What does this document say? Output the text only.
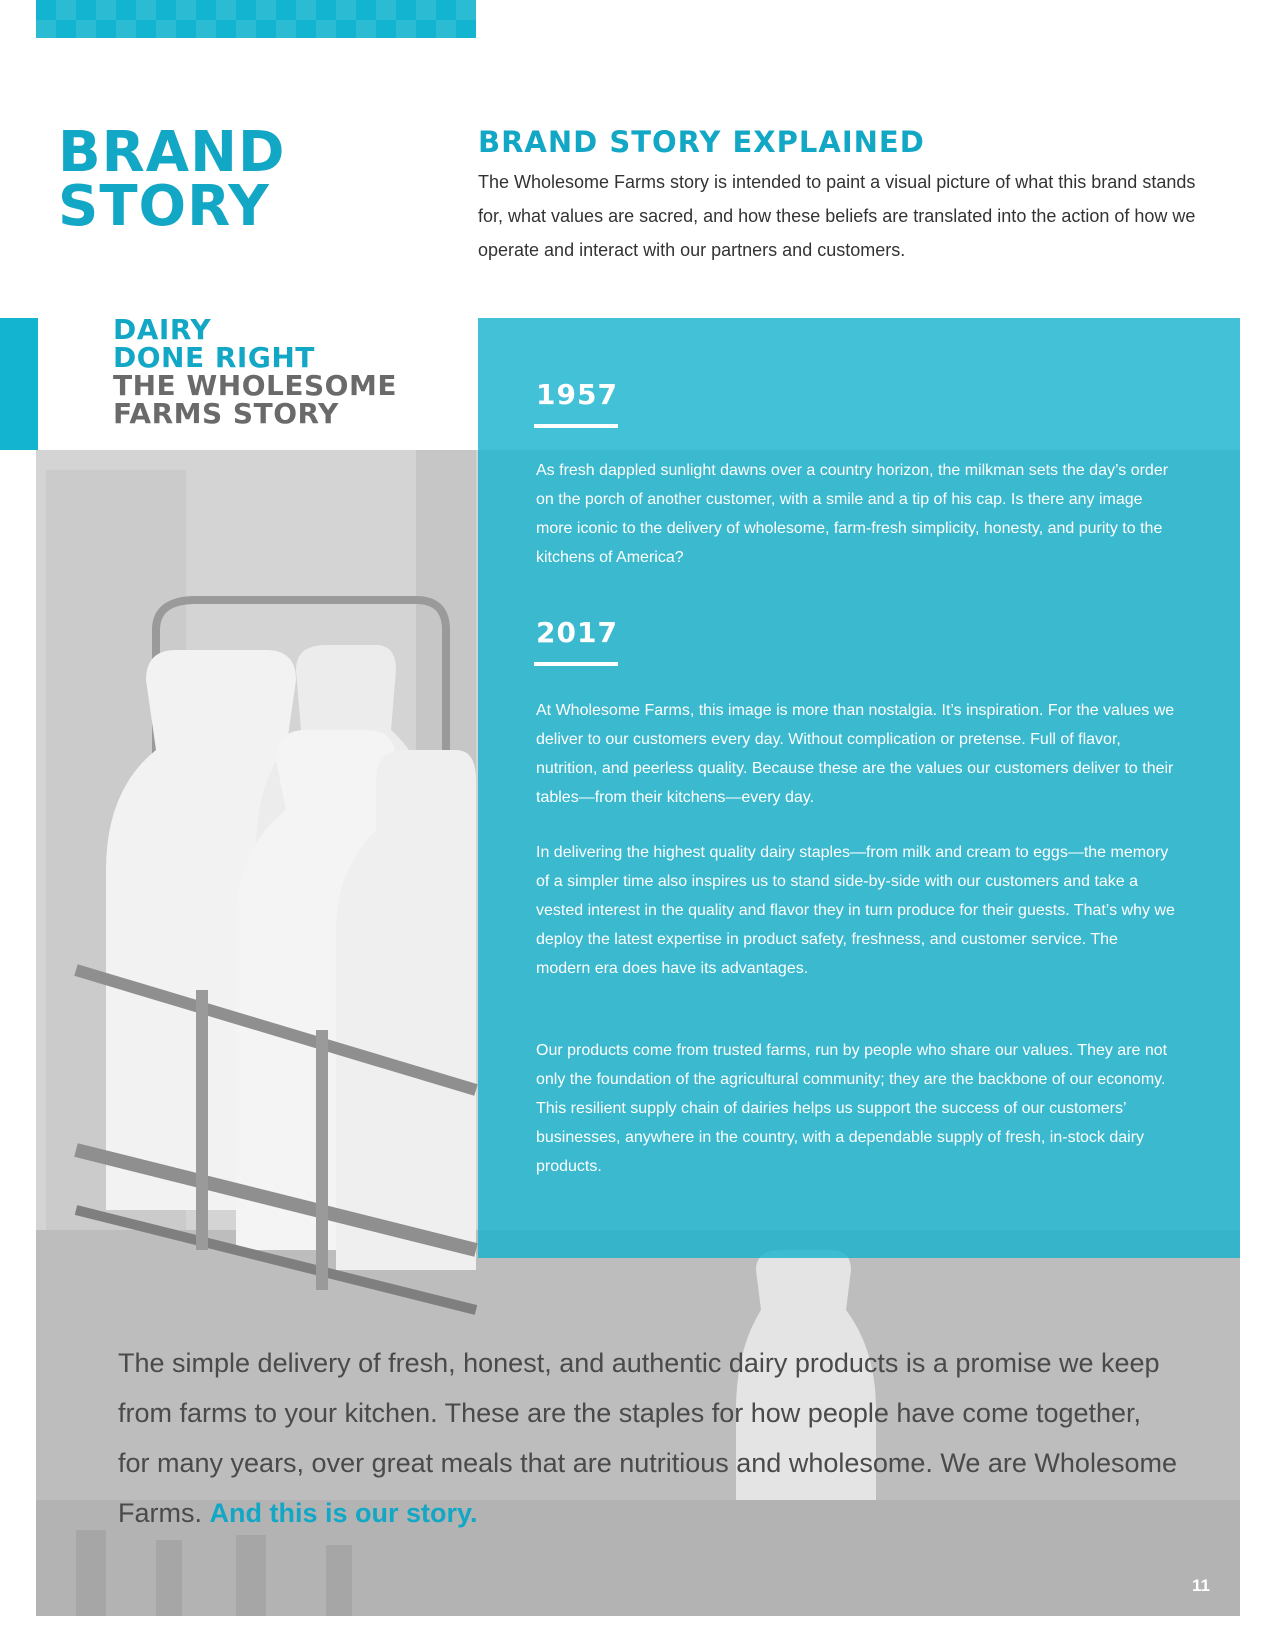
BRAND
STORY
BRAND STORY EXPLAINED

The Wholesome Farms story is intended to paint a visual picture of what this brand stands for, what values are sacred, and how these beliefs are translated into the action of how we operate and interact with our partners and customers.

DAIRY
DONE RIGHT
THE WHOLESOME
FARMS STORY
1957

As fresh dappled sunlight dawns over a country horizon, the milkman sets the day’s order on the porch of another customer, with a smile and a tip of his cap. Is there any image more iconic to the delivery of wholesome, farm-fresh simplicity, honesty, and purity to the kitchens of America?

2017

At Wholesome Farms, this image is more than nostalgia. It’s inspiration. For the values we deliver to our customers every day. Without complication or pretense. Full of flavor, nutrition, and peerless quality. Because these are the values our customers deliver to their tables—from their kitchens—every day.

In delivering the highest quality dairy staples—from milk and cream to eggs—the memory of a simpler time also inspires us to stand side-by-side with our customers and take a vested interest in the quality and flavor they in turn produce for their guests. That’s why we deploy the latest expertise in product safety, freshness, and customer service. The modern era does have its advantages.

Our products come from trusted farms, run by people who share our values. They are not only the foundation of the agricultural community; they are the backbone of our economy. This resilient supply chain of dairies helps us support the success of our customers’ businesses, anywhere in the country, with a dependable supply of fresh, in-stock dairy products.

The simple delivery of fresh, honest, and authentic dairy products is a promise we keep from farms to your kitchen. These are the staples for how people have come together, for many years, over great meals that are nutritious and wholesome. We are Wholesome Farms. And this is our story.

11
